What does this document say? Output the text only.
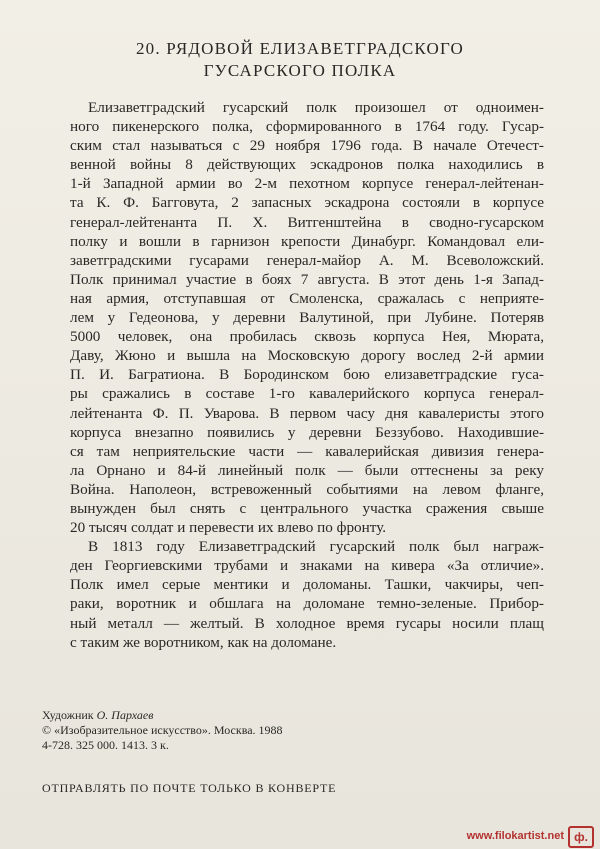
20. РЯДОВОЙ ЕЛИЗАВЕТГРАДСКОГО
ГУСАРСКОГО ПОЛКА

Елизаветградский гусарский полк произошел от одноимен-
ного пикенерского полка, сформированного в 1764 году. Гусар-
ским стал называться с 29 ноября 1796 года. В начале Отечест-
венной войны 8 действующих эскадронов полка находились в
1-й Западной армии во 2-м пехотном корпусе генерал-лейтенан-
та К. Ф. Багговута, 2 запасных эскадрона состояли в корпусе
генерал-лейтенанта П. Х. Витгенштейна в сводно-гусарском
полку и вошли в гарнизон крепости Динабург. Командовал ели-
заветградскими гусарами генерал-майор А. М. Всеволожский.
Полк принимал участие в боях 7 августа. В этот день 1-я Запад-
ная армия, отступавшая от Смоленска, сражалась с неприяте-
лем у Гедеонова, у деревни Валутиной, при Лубине. Потеряв
5000 человек, она пробилась сквозь корпуса Нея, Мюрата,
Даву, Жюно и вышла на Московскую дорогу вослед 2-й армии
П. И. Багратиона. В Бородинском бою елизаветградские гуса-
ры сражались в составе 1-го кавалерийского корпуса генерал-
лейтенанта Ф. П. Уварова. В первом часу дня кавалеристы этого
корпуса внезапно появились у деревни Беззубово. Находившие-
ся там неприятельские части — кавалерийская дивизия генера-
ла Орнано и 84-й линейный полк — были оттеснены за реку
Война. Наполеон, встревоженный событиями на левом фланге,
вынужден был снять с центрального участка сражения свыше
20 тысяч солдат и перевести их влево по фронту.

В 1813 году Елизаветградский гусарский полк был награж-
ден Георгиевскими трубами и знаками на кивера «За отличие».
Полк имел серые ментики и доломаны. Ташки, чакчиры, чеп-
раки, воротник и обшлага на доломане темно-зеленые. Прибор-
ный металл — желтый. В холодное время гусары носили плащ
с таким же воротником, как на доломане.

Художник О. Пархаев
© «Изобразительное искусство». Москва. 1988
4-728. 325 000. 1413. 3 к.
ОТПРАВЛЯТЬ ПО ПОЧТЕ ТОЛЬКО В КОНВЕРТЕ
www.filokartist.net ф.
